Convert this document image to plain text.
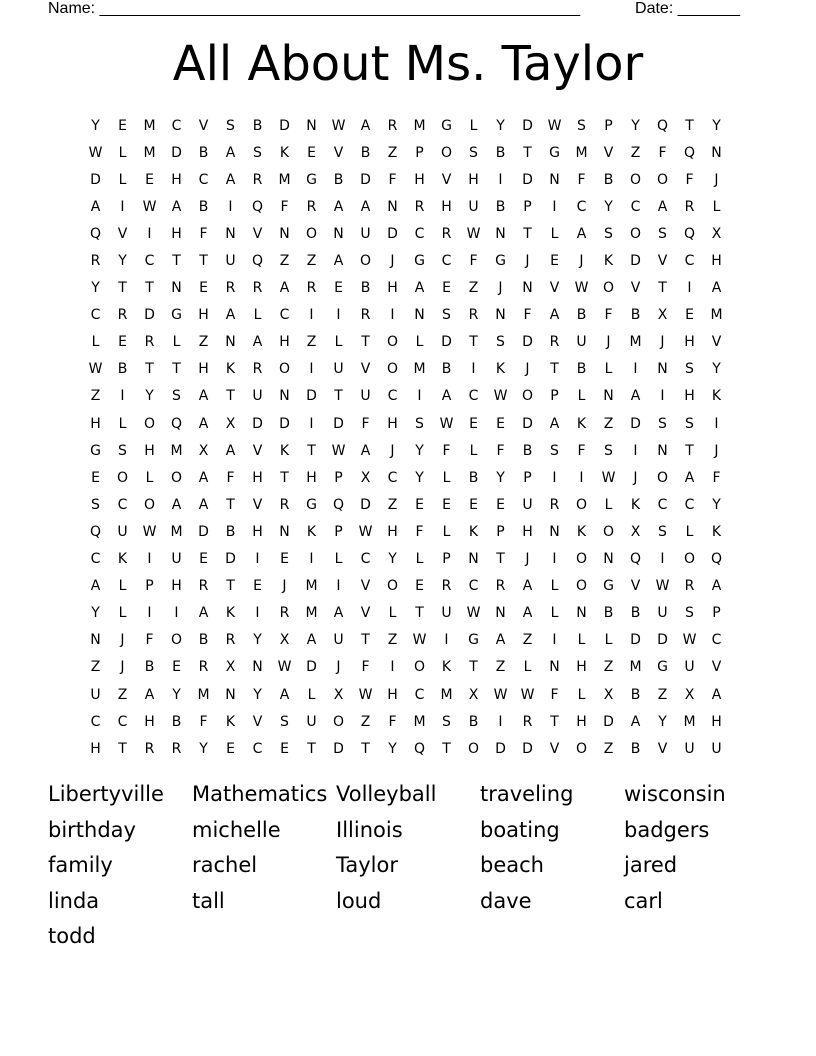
Name: ______________________________________________________	Date: _______
All About Ms. Taylor
Y	E	M	C	V	S	B	D	N	W	A	R	M	G	L	Y	D	W	S	P	Y	Q	T	Y
W	L	M	D	B	A	S	K	E	V	B	Z	P	O	S	B	T	G	M	V	Z	F	Q	N
D	L	E	H	C	A	R	M	G	B	D	F	H	V	H	I	D	N	F	B	O	O	F	J
A	I	W	A	B	I	Q	F	R	A	A	N	R	H	U	B	P	I	C	Y	C	A	R	L
Q	V	I	H	F	N	V	N	O	N	U	D	C	R	W	N	T	L	A	S	O	S	Q	X
R	Y	C	T	T	U	Q	Z	Z	A	O	J	G	C	F	G	J	E	J	K	D	V	C	H
Y	T	T	N	E	R	R	A	R	E	B	H	A	E	Z	J	N	V	W	O	V	T	I	A
C	R	D	G	H	A	L	C	I	I	R	I	N	S	R	N	F	A	B	F	B	X	E	M
L	E	R	L	Z	N	A	H	Z	L	T	O	L	D	T	S	D	R	U	J	M	J	H	V
W	B	T	T	H	K	R	O	I	U	V	O	M	B	I	K	J	T	B	L	I	N	S	Y
Z	I	Y	S	A	T	U	N	D	T	U	C	I	A	C	W	O	P	L	N	A	I	H	K
H	L	O	Q	A	X	D	D	I	D	F	H	S	W	E	E	D	A	K	Z	D	S	S	I
G	S	H	M	X	A	V	K	T	W	A	J	Y	F	L	F	B	S	F	S	I	N	T	J
E	O	L	O	A	F	H	T	H	P	X	C	Y	L	B	Y	P	I	I	W	J	O	A	F
S	C	O	A	A	T	V	R	G	Q	D	Z	E	E	E	E	U	R	O	L	K	C	C	Y
Q	U	W	M	D	B	H	N	K	P	W	H	F	L	K	P	H	N	K	O	X	S	L	K
C	K	I	U	E	D	I	E	I	L	C	Y	L	P	N	T	J	I	O	N	Q	I	O	Q
A	L	P	H	R	T	E	J	M	I	V	O	E	R	C	R	A	L	O	G	V	W	R	A
Y	L	I	I	A	K	I	R	M	A	V	L	T	U	W	N	A	L	N	B	B	U	S	P
N	J	F	O	B	R	Y	X	A	U	T	Z	W	I	G	A	Z	I	L	L	D	D	W	C
Z	J	B	E	R	X	N	W	D	J	F	I	O	K	T	Z	L	N	H	Z	M	G	U	V
U	Z	A	Y	M	N	Y	A	L	X	W	H	C	M	X	W W	F	L	X	B	Z	X	A
C	C	H	B	F	K	V	S	U	O	Z	F	M	S	B	I	R	T	H	D	A	Y	M	H
H	T	R	R	Y	E	C	E	T	D	T	Y	Q	T	O	D	D	V	O	Z	B	V	U	U
Libertyville	Mathematics Volleyball	traveling	wisconsin
birthday	michelle	Illinois	boating	badgers
family	rachel	Taylor	beach	jared
linda	tall	loud	dave	carl
todd
